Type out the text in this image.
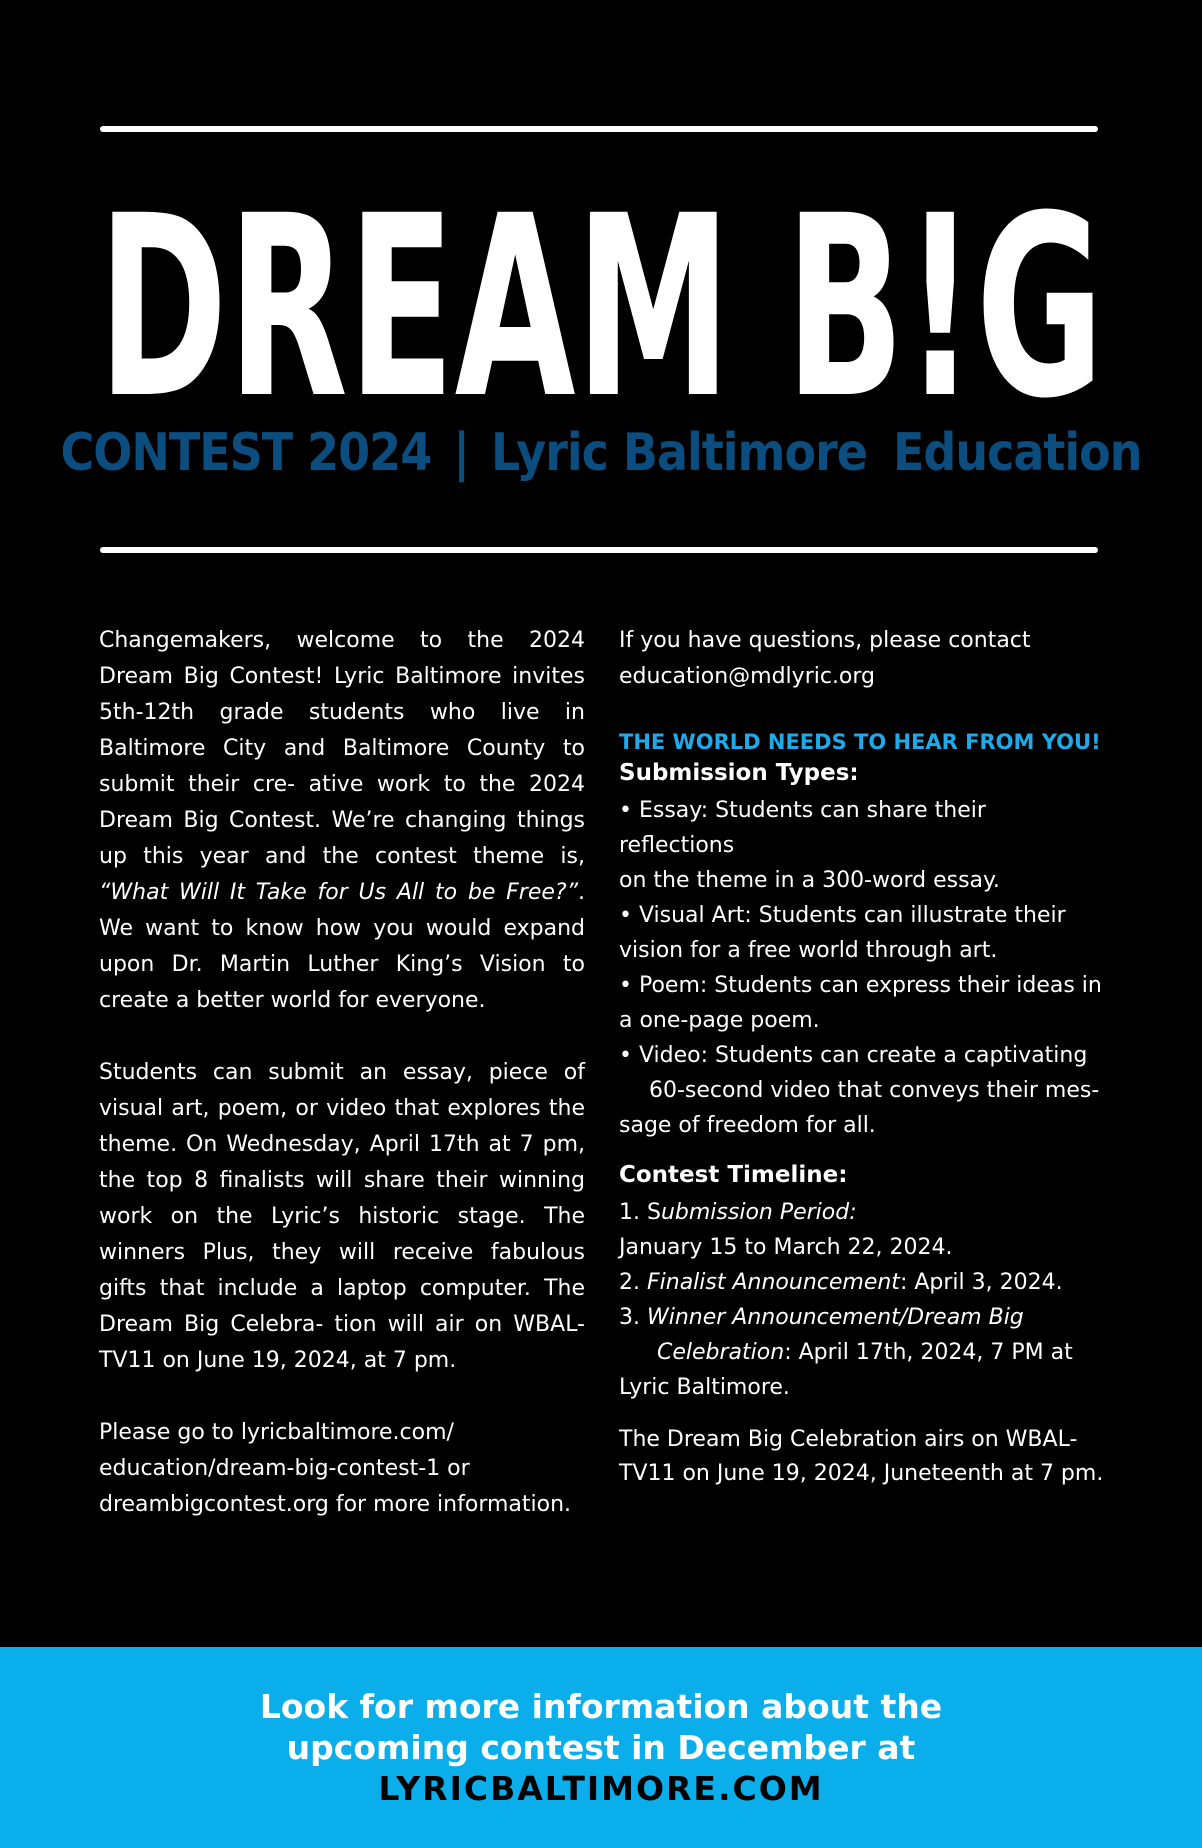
DREAM B!G
CONTEST 2024 | Lyric Baltimore Education

Changemakers, welcome to the 2024 Dream Big Contest! Lyric Baltimore invites 5th-12th grade students who live in Baltimore City and Baltimore County to submit their cre- ative work to the 2024 Dream Big Contest. We’re changing things up this year and the contest theme is, “What Will It Take for Us All to be Free?”. We want to know how you would expand upon Dr. Martin Luther King’s Vision to create a better world for everyone.

Students can submit an essay, piece of visual art, poem, or video that explores the theme. On Wednesday, April 17th at 7 pm, the top 8 finalists will share their winning work on the Lyric’s historic stage. The winners Plus, they will receive fabulous gifts that include a laptop computer. The Dream Big Celebra- tion will air on WBAL-TV11 on June 19, 2024, at 7 pm.

Please go to lyricbaltimore.com/
education/dream-big-contest-1 or
dreambigcontest.org for more information.

If you have questions, please contact
education@mdlyric.org

THE WORLD NEEDS TO HEAR FROM YOU!

Submission Types:

• Essay: Students can share their reflections

on the theme in a 300-word essay.

• Visual Art: Students can illustrate their

vision for a free world through art.

• Poem: Students can express their ideas in

a one-page poem.

• Video: Students can create a captivating

60-second video that conveys their mes-

sage of freedom for all.

Contest Timeline:

1. Submission Period:

January 15 to March 22, 2024.

2. Finalist Announcement: April 3, 2024.

3. Winner Announcement/Dream Big

Celebration: April 17th, 2024, 7 PM at

Lyric Baltimore.

The Dream Big Celebration airs on WBAL-
TV11 on June 19, 2024, Juneteenth at 7 pm.

Look for more information about the
upcoming contest in December at
LYRICBALTIMORE.COM
